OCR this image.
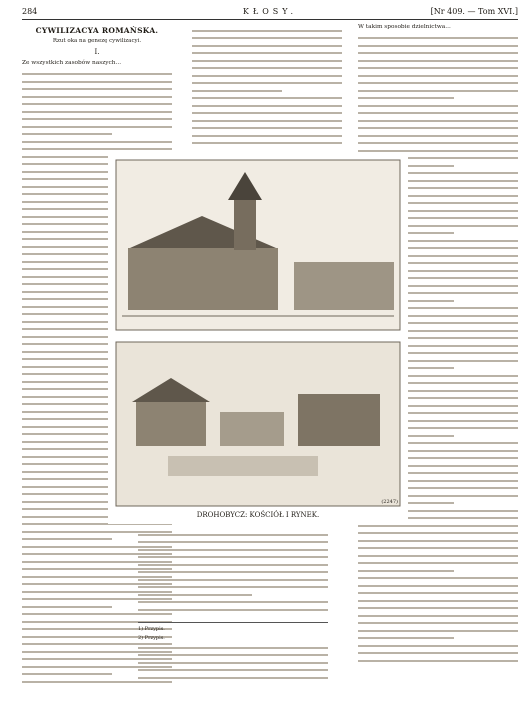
284	KŁOSY.	[Nr 409. — Tom XVI.]
CYWILIZACYA ROMAŃSKA.
Rzut oka na genezę cywilizacyi.
I.

Ze wszystkich zasobów naszych...

W takim sposobie dzielnictwa...

DROHOBYCZ: KOŚCIÓŁ I RYNEK.
(2247)
1) Przypis.
2) Przypis.
